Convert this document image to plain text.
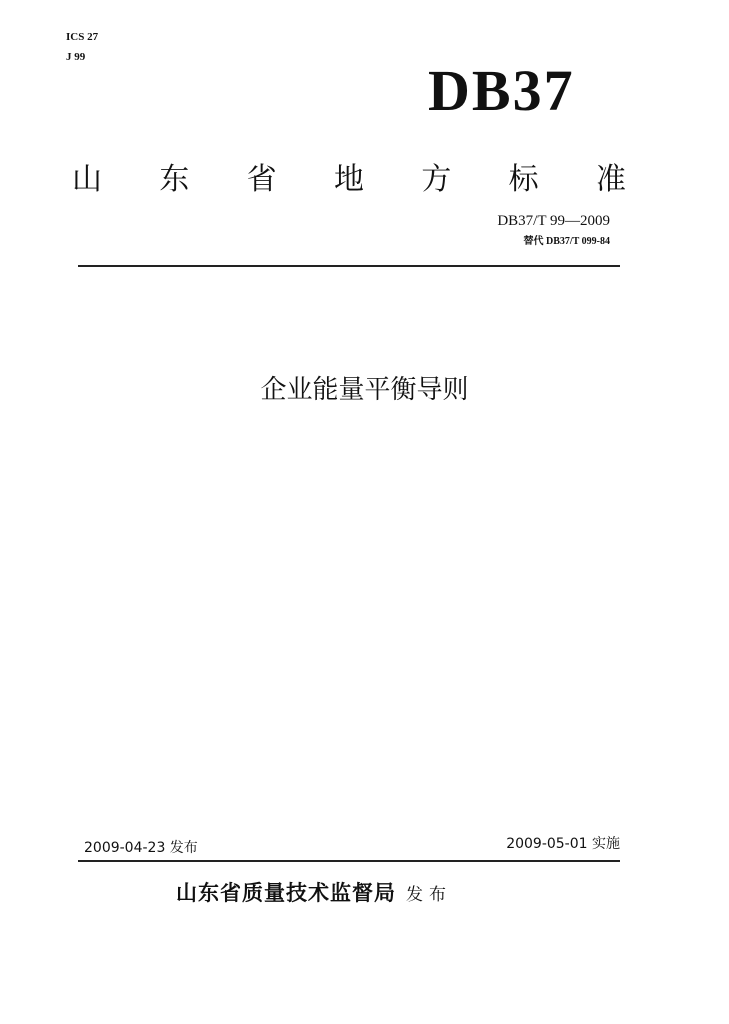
ICS 27
J 99
DB37
山 东 省 地 方 标 准
DB37/T 99—2009
替代 DB37/T 099-84
企业能量平衡导则
2009-04-23 发布	2009-05-01 实施
山东省质量技术监督局 发布
